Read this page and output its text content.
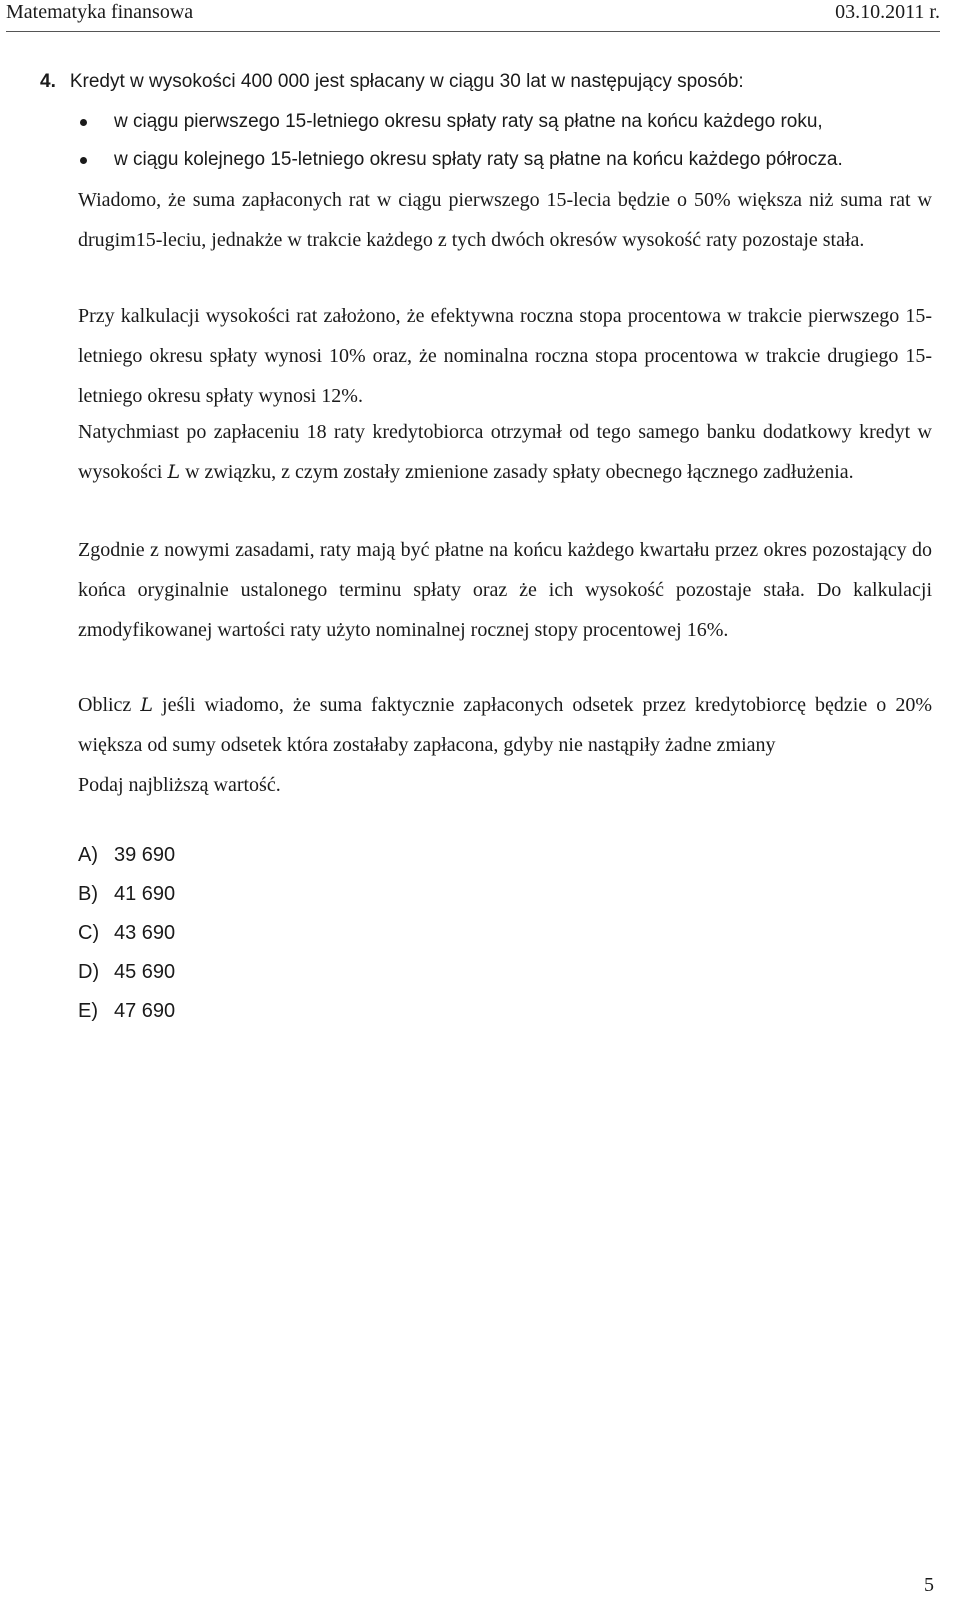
Matematyka finansowa	03.10.2011 r.
4. Kredyt w wysokości 400 000 jest spłacany w ciągu 30 lat w następujący sposób:
w ciągu pierwszego 15-letniego okresu spłaty raty są płatne na końcu każdego roku,
w ciągu kolejnego 15-letniego okresu spłaty raty są płatne na końcu każdego półrocza.
Wiadomo, że suma zapłaconych rat w ciągu pierwszego 15-lecia będzie o 50% większa niż suma rat w drugim15-leciu, jednakże w trakcie każdego z tych dwóch okresów wysokość raty pozostaje stała.
Przy kalkulacji wysokości rat założono, że efektywna roczna stopa procentowa w trakcie pierwszego 15-letniego okresu spłaty wynosi 10% oraz, że nominalna roczna stopa procentowa w trakcie drugiego 15-letniego okresu spłaty wynosi 12%.
Natychmiast po zapłaceniu 18 raty kredytobiorca otrzymał od tego samego banku dodatkowy kredyt w wysokości L w związku, z czym zostały zmienione zasady spłaty obecnego łącznego zadłużenia.
Zgodnie z nowymi zasadami, raty mają być płatne na końcu każdego kwartału przez okres pozostający do końca oryginalnie ustalonego terminu spłaty oraz że ich wysokość pozostaje stała. Do kalkulacji zmodyfikowanej wartości raty użyto nominalnej rocznej stopy procentowej 16%.
Oblicz L jeśli wiadomo, że suma faktycznie zapłaconych odsetek przez kredytobiorcę będzie o 20% większa od sumy odsetek która zostałaby zapłacona, gdyby nie nastąpiły żadne zmiany
Podaj najbliższą wartość.
A) 39 690
B) 41 690
C) 43 690
D) 45 690
E) 47 690
5
